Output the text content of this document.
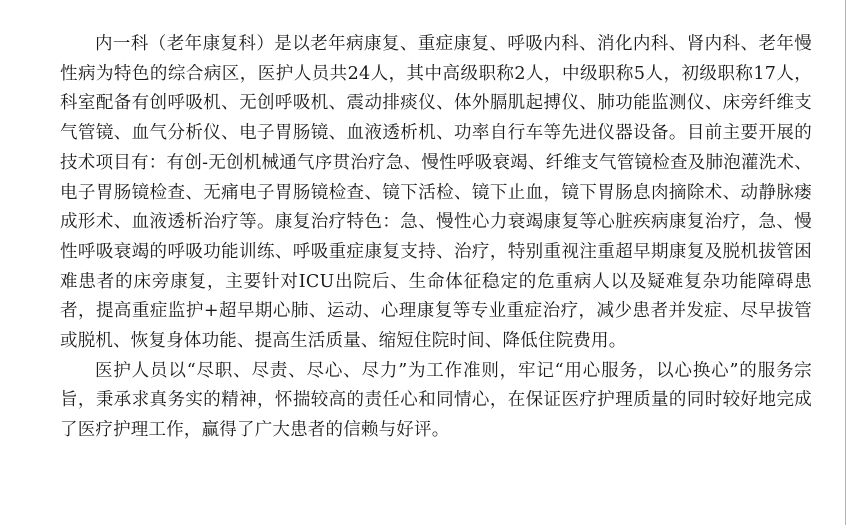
内一科（老年康复科）是以老年病康复、重症康复、呼吸内科、消化内科、肾内科、老年慢性病为特色的综合病区，医护人员共24人，其中高级职称2人，中级职称5人，初级职称17人，科室配备有创呼吸机、无创呼吸机、震动排痰仪、体外膈肌起搏仪、肺功能监测仪、床旁纤维支气管镜、血气分析仪、电子胃肠镜、血液透析机、功率自行车等先进仪器设备。目前主要开展的技术项目有：有创-无创机械通气序贯治疗急、慢性呼吸衰竭、纤维支气管镜检查及肺泡灌洗术、电子胃肠镜检查、无痛电子胃肠镜检查、镜下活检、镜下止血，镜下胃肠息肉摘除术、动静脉瘘成形术、血液透析治疗等。康复治疗特色：急、慢性心力衰竭康复等心脏疾病康复治疗，急、慢性呼吸衰竭的呼吸功能训练、呼吸重症康复支持、治疗，特别重视注重超早期康复及脱机拔管困难患者的床旁康复，主要针对ICU出院后、生命体征稳定的危重病人以及疑难复杂功能障碍患者，提高重症监护+超早期心肺、运动、心理康复等专业重症治疗，减少患者并发症、尽早拔管或脱机、恢复身体功能、提高生活质量、缩短住院时间、降低住院费用。

医护人员以“尽职、尽责、尽心、尽力”为工作准则，牢记“用心服务，以心换心”的服务宗旨，秉承求真务实的精神，怀揣较高的责任心和同情心，在保证医疗护理质量的同时较好地完成了医疗护理工作，赢得了广大患者的信赖与好评。
